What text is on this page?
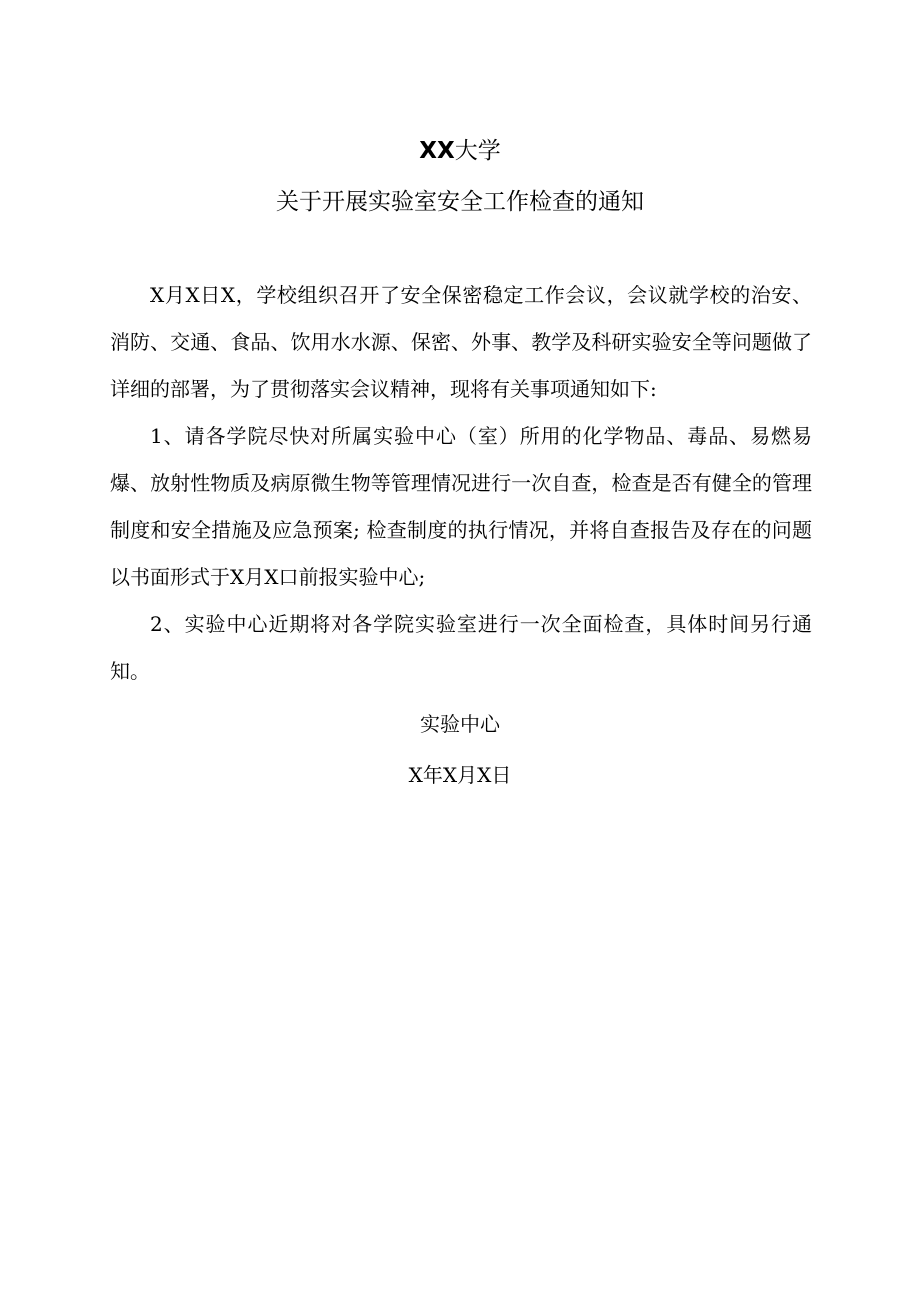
XX大学
关于开展实验室安全工作检查的通知

X月X日X，学校组织召开了安全保密稳定工作会议，会议就学校的治安、消防、交通、食品、饮用水水源、保密、外事、教学及科研实验安全等问题做了详细的部署，为了贯彻落实会议精神，现将有关事项通知如下:

1、请各学院尽快对所属实验中心（室）所用的化学物品、毒品、易燃易爆、放射性物质及病原微生物等管理情况进行一次自查，检查是否有健全的管理制度和安全措施及应急预案; 检查制度的执行情况，并将自查报告及存在的问题以书面形式于X月X口前报实验中心;

2、实验中心近期将对各学院实验室进行一次全面检查，具体时间另行通知。

实验中心
X年X月X日
